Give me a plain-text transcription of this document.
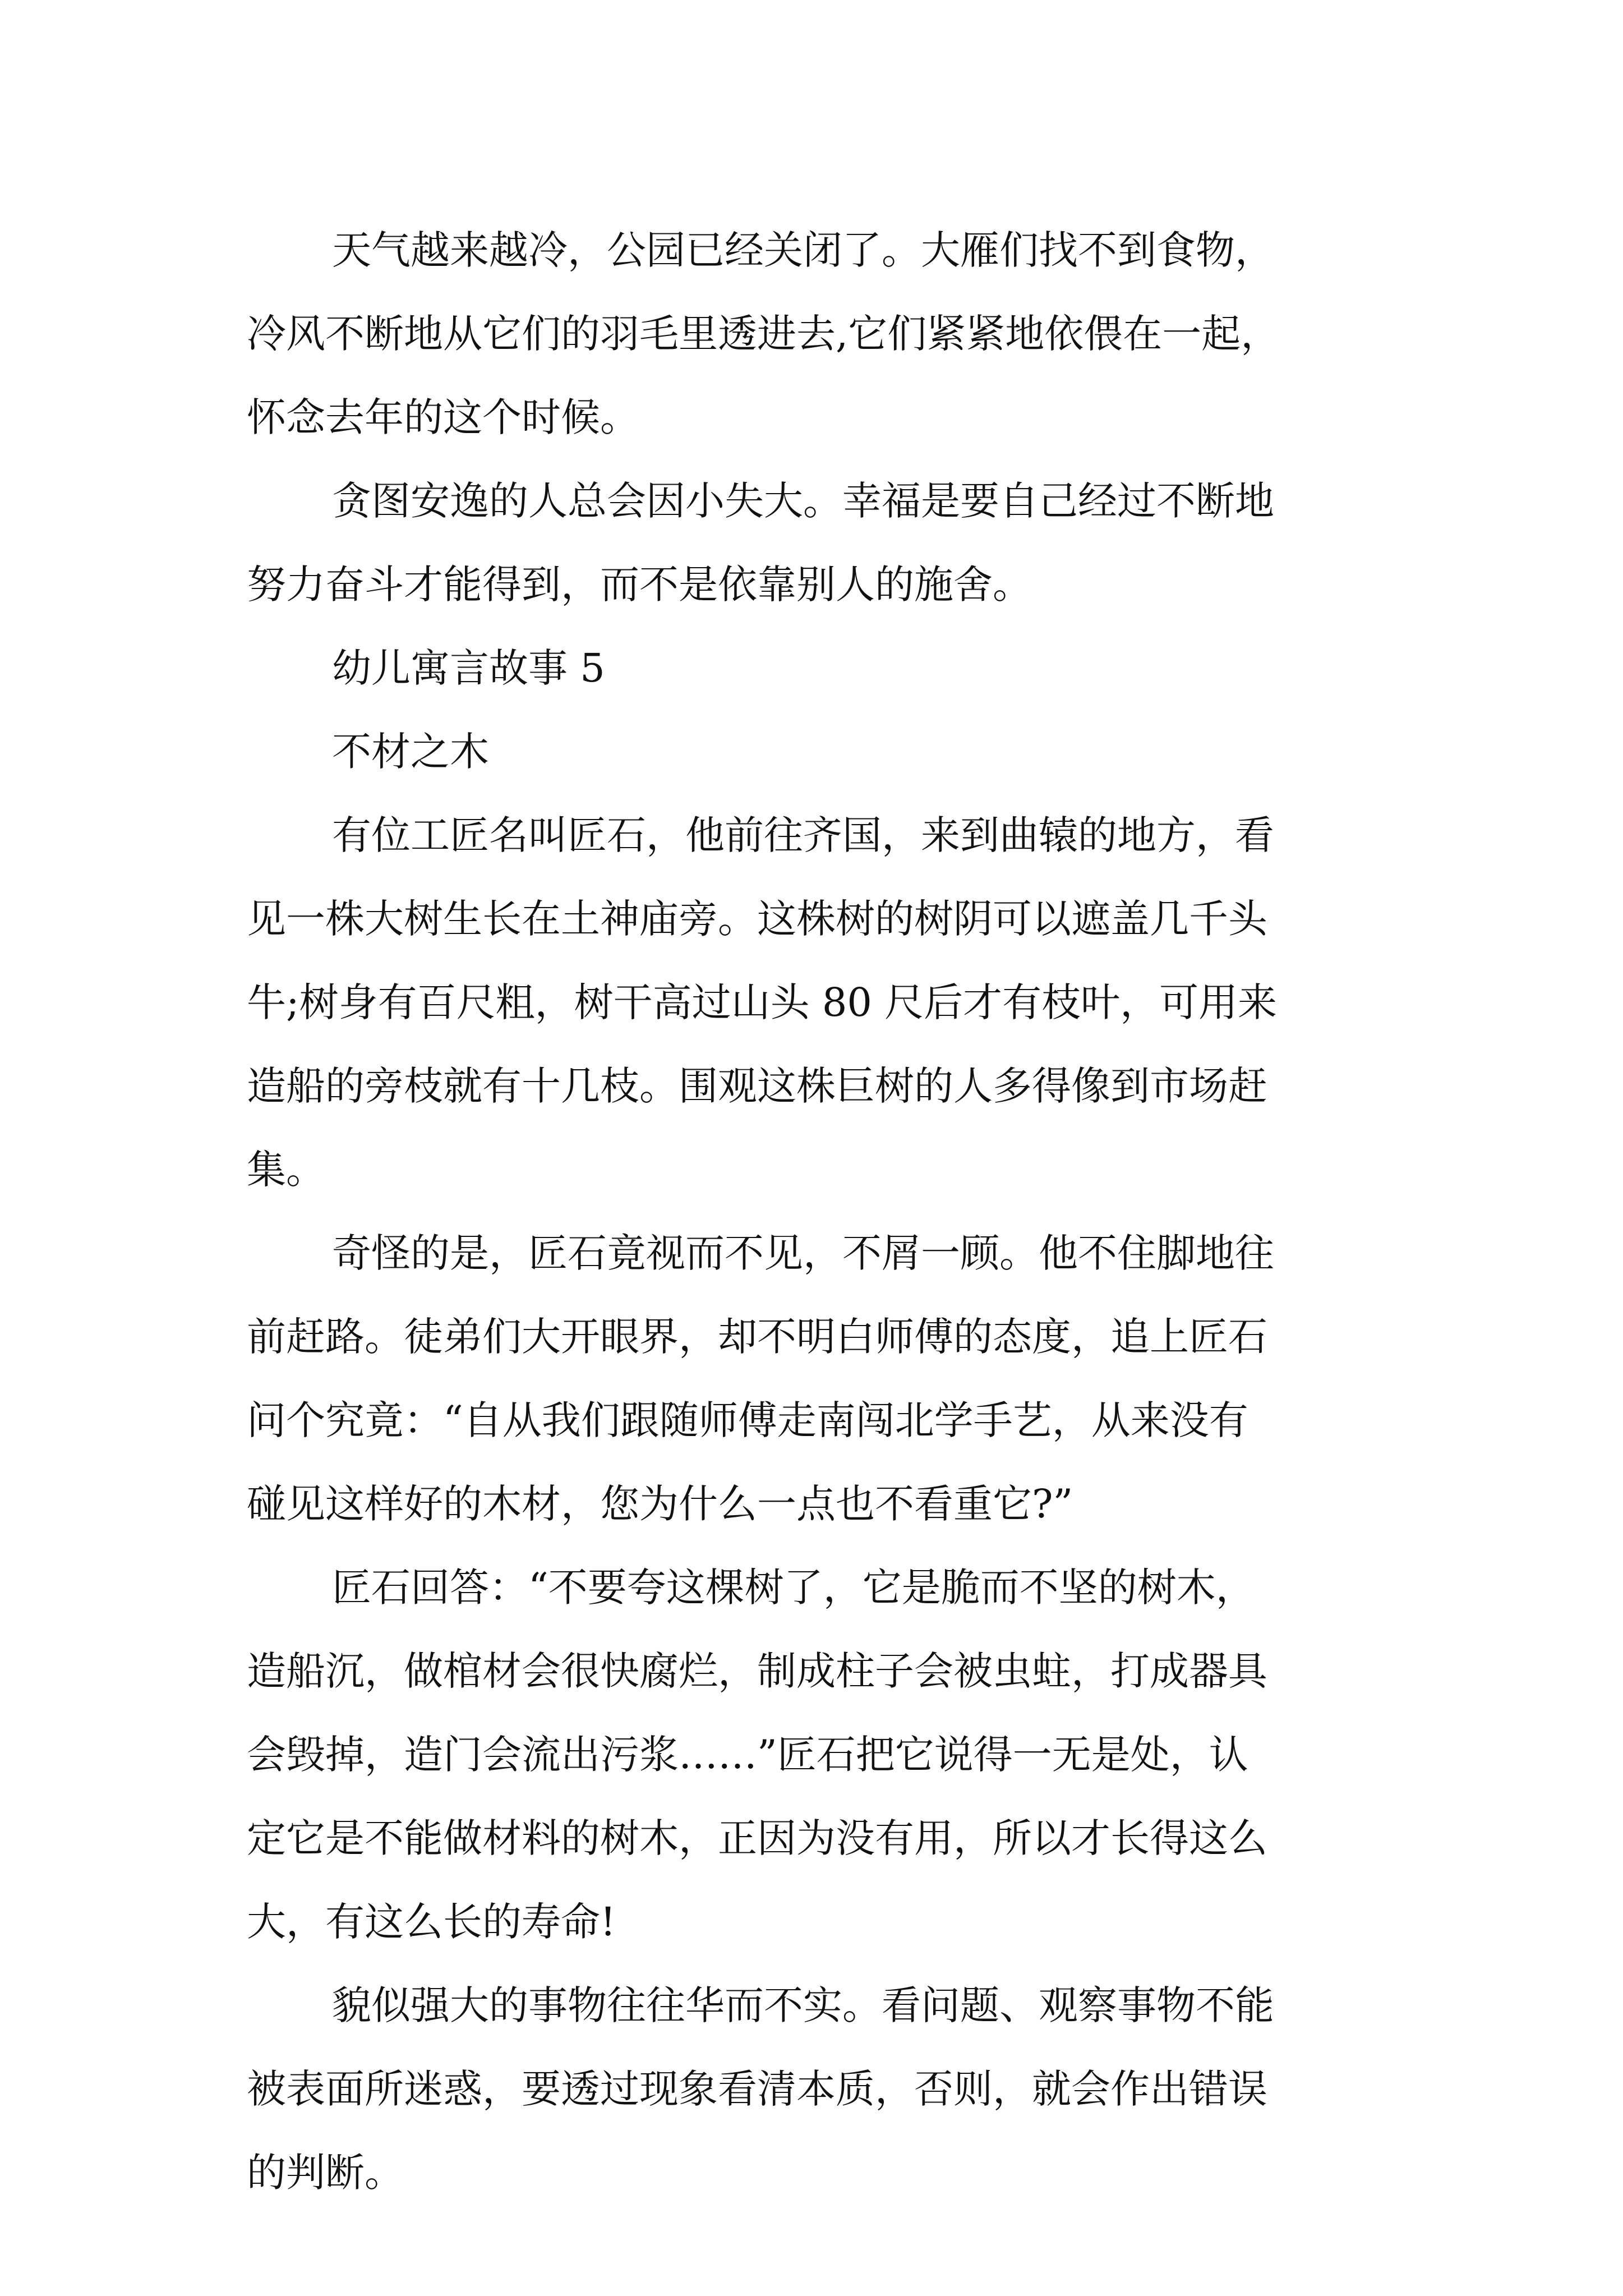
天气越来越冷，公园已经关闭了。大雁们找不到食物，
冷风不断地从它们的羽毛里透进去,它们紧紧地依偎在一起，
怀念去年的这个时候。
贪图安逸的人总会因小失大。幸福是要自己经过不断地
努力奋斗才能得到，而不是依靠别人的施舍。
幼儿寓言故事 5
不材之木
有位工匠名叫匠石，他前往齐国，来到曲辕的地方，看
见一株大树生长在土神庙旁。这株树的树阴可以遮盖几千头
牛;树身有百尺粗，树干高过山头 80 尺后才有枝叶，可用来
造船的旁枝就有十几枝。围观这株巨树的人多得像到市场赶
集。
奇怪的是，匠石竟视而不见，不屑一顾。他不住脚地往
前赶路。徒弟们大开眼界，却不明白师傅的态度，追上匠石
问个究竟：“自从我们跟随师傅走南闯北学手艺，从来没有
碰见这样好的木材，您为什么一点也不看重它?”
匠石回答：“不要夸这棵树了，它是脆而不坚的树木，
造船沉，做棺材会很快腐烂，制成柱子会被虫蛀，打成器具
会毁掉，造门会流出污浆……”匠石把它说得一无是处，认
定它是不能做材料的树木，正因为没有用，所以才长得这么
大，有这么长的寿命!
貌似强大的事物往往华而不实。看问题、观察事物不能
被表面所迷惑，要透过现象看清本质，否则，就会作出错误
的判断。
